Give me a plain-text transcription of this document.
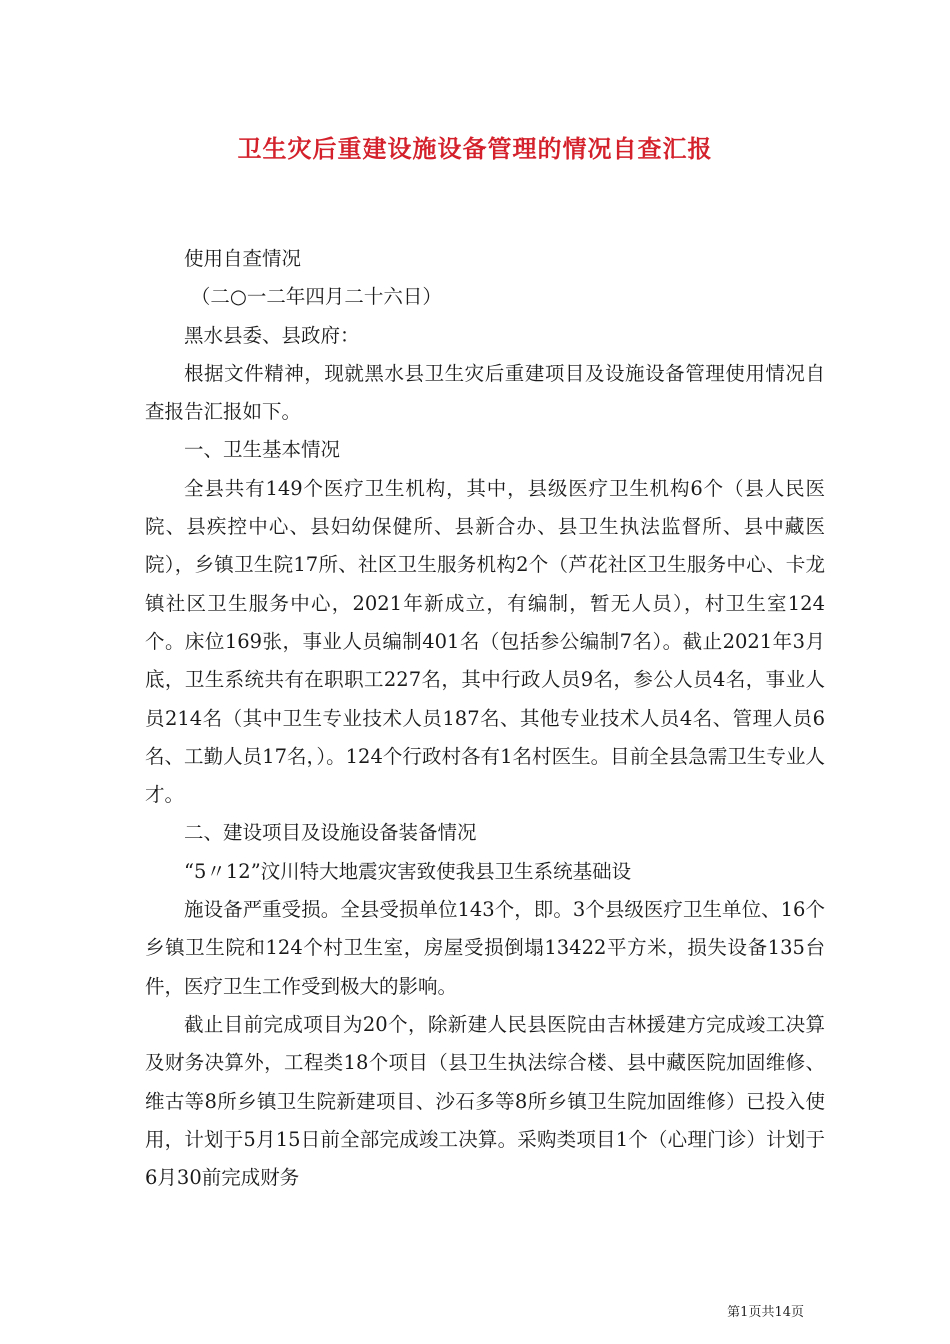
卫生灾后重建设施设备管理的情况自查汇报

使用自查情况

（二○一二年四月二十六日）

黑水县委、县政府：

根据文件精神，现就黑水县卫生灾后重建项目及设施设备管理使用情况自查报告汇报如下。

一、卫生基本情况

全县共有149个医疗卫生机构，其中，县级医疗卫生机构6个（县人民医院、县疾控中心、县妇幼保健所、县新合办、县卫生执法监督所、县中藏医院），乡镇卫生院17所、社区卫生服务机构2个（芦花社区卫生服务中心、卡龙镇社区卫生服务中心，2021年新成立，有编制，暂无人员），村卫生室124个。床位169张，事业人员编制401名（包括参公编制7名）。截止2021年3月底，卫生系统共有在职职工227名，其中行政人员9名，参公人员4名，事业人员214名（其中卫生专业技术人员187名、其他专业技术人员4名、管理人员6名、工勤人员17名，）。124个行政村各有1名村医生。目前全县急需卫生专业人才。

二、建设项目及设施设备装备情况

“5〃12”汶川特大地震灾害致使我县卫生系统基础设

施设备严重受损。全县受损单位143个，即。3个县级医疗卫生单位、16个乡镇卫生院和124个村卫生室，房屋受损倒塌13422平方米，损失设备135台件，医疗卫生工作受到极大的影响。

截止目前完成项目为20个，除新建人民县医院由吉林援建方完成竣工决算及财务决算外，工程类18个项目（县卫生执法综合楼、县中藏医院加固维修、维古等8所乡镇卫生院新建项目、沙石多等8所乡镇卫生院加固维修）已投入使用，计划于5月15日前全部完成竣工决算。采购类项目1个（心理门诊）计划于6月30前完成财务

第1页共14页
